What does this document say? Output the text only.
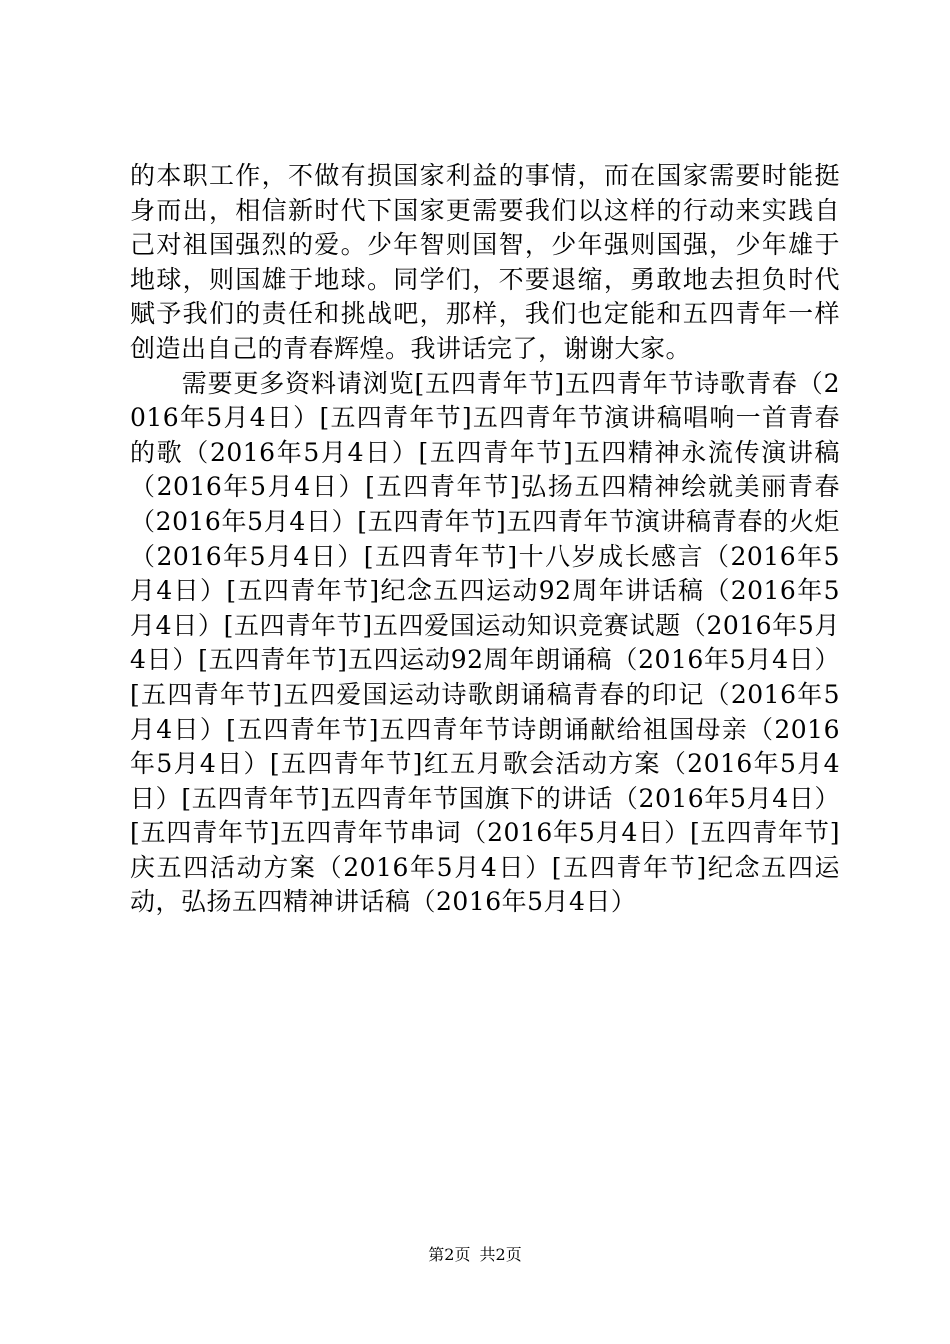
的本职工作，不做有损国家利益的事情，而在国家需要时能挺身而出，相信新时代下国家更需要我们以这样的行动来实践自己对祖国强烈的爱。少年智则国智，少年强则国强，少年雄于地球，则国雄于地球。同学们，不要退缩，勇敢地去担负时代赋予我们的责任和挑战吧，那样，我们也定能和五四青年一样创造出自己的青春辉煌。我讲话完了，谢谢大家。

　　需要更多资料请浏览[五四青年节]五四青年节诗歌青春（2016年5月4日）[五四青年节]五四青年节演讲稿唱响一首青春的歌（2016年5月4日）[五四青年节]五四精神永流传演讲稿（2016年5月4日）[五四青年节]弘扬五四精神绘就美丽青春（2016年5月4日）[五四青年节]五四青年节演讲稿青春的火炬（2016年5月4日）[五四青年节]十八岁成长感言（2016年5月4日）[五四青年节]纪念五四运动92周年讲话稿（2016年5月4日）[五四青年节]五四爱国运动知识竞赛试题（2016年5月4日）[五四青年节]五四运动92周年朗诵稿（2016年5月4日）[五四青年节]五四爱国运动诗歌朗诵稿青春的印记（2016年5月4日）[五四青年节]五四青年节诗朗诵献给祖国母亲（2016年5月4日）[五四青年节]红五月歌会活动方案（2016年5月4日）[五四青年节]五四青年节国旗下的讲话（2016年5月4日）[五四青年节]五四青年节串词（2016年5月4日）[五四青年节]庆五四活动方案（2016年5月4日）[五四青年节]纪念五四运动，弘扬五四精神讲话稿（2016年5月4日）

第2页 共2页
